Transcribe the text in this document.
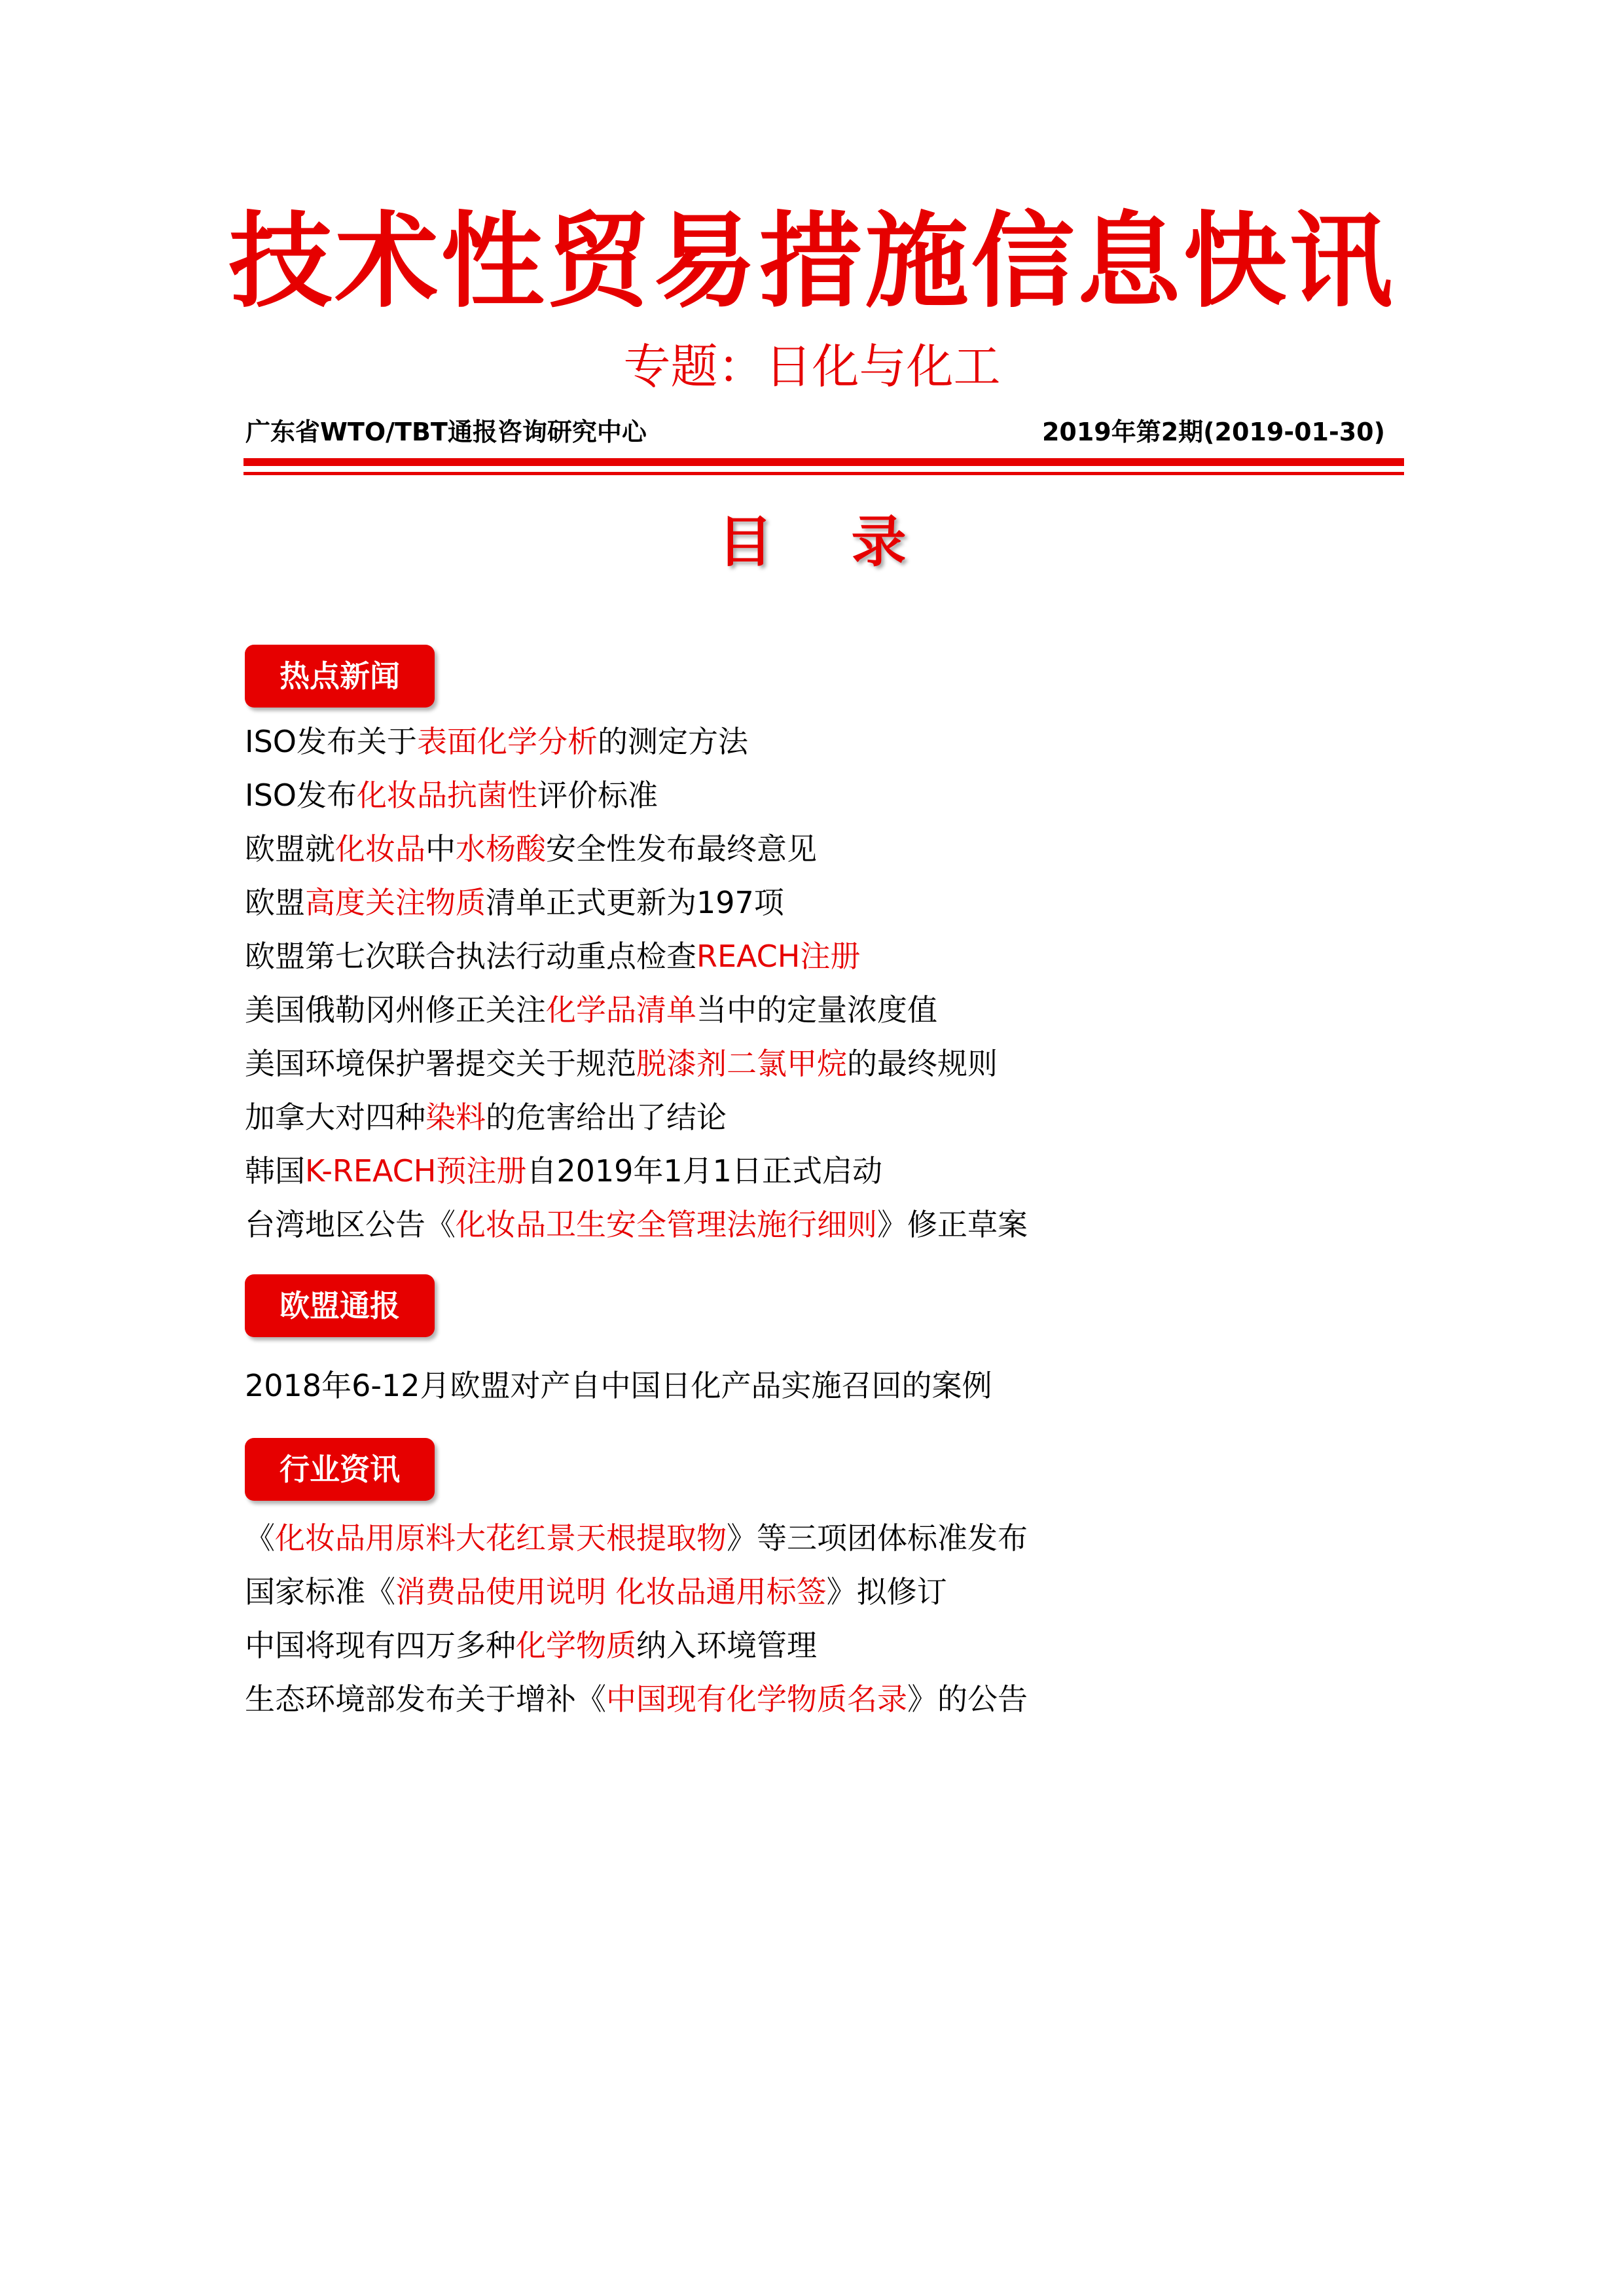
技术性贸易措施信息快讯
专题：日化与化工
广东省WTO/TBT通报咨询研究中心	2019年第2期(2019-01-30)
目录
热点新闻
ISO发布关于表面化学分析的测定方法
ISO发布化妆品抗菌性评价标准
欧盟就化妆品中水杨酸安全性发布最终意见
欧盟高度关注物质清单正式更新为197项
欧盟第七次联合执法行动重点检查REACH注册
美国俄勒冈州修正关注化学品清单当中的定量浓度值
美国环境保护署提交关于规范脱漆剂二氯甲烷的最终规则
加拿大对四种染料的危害给出了结论
韩国K-REACH预注册自2019年1月1日正式启动
台湾地区公告《化妆品卫生安全管理法施行细则》修正草案
欧盟通报
2018年6-12月欧盟对产自中国日化产品实施召回的案例
行业资讯
《化妆品用原料大花红景天根提取物》等三项团体标准发布
国家标准《消费品使用说明 化妆品通用标签》拟修订
中国将现有四万多种化学物质纳入环境管理
生态环境部发布关于增补《中国现有化学物质名录》的公告
